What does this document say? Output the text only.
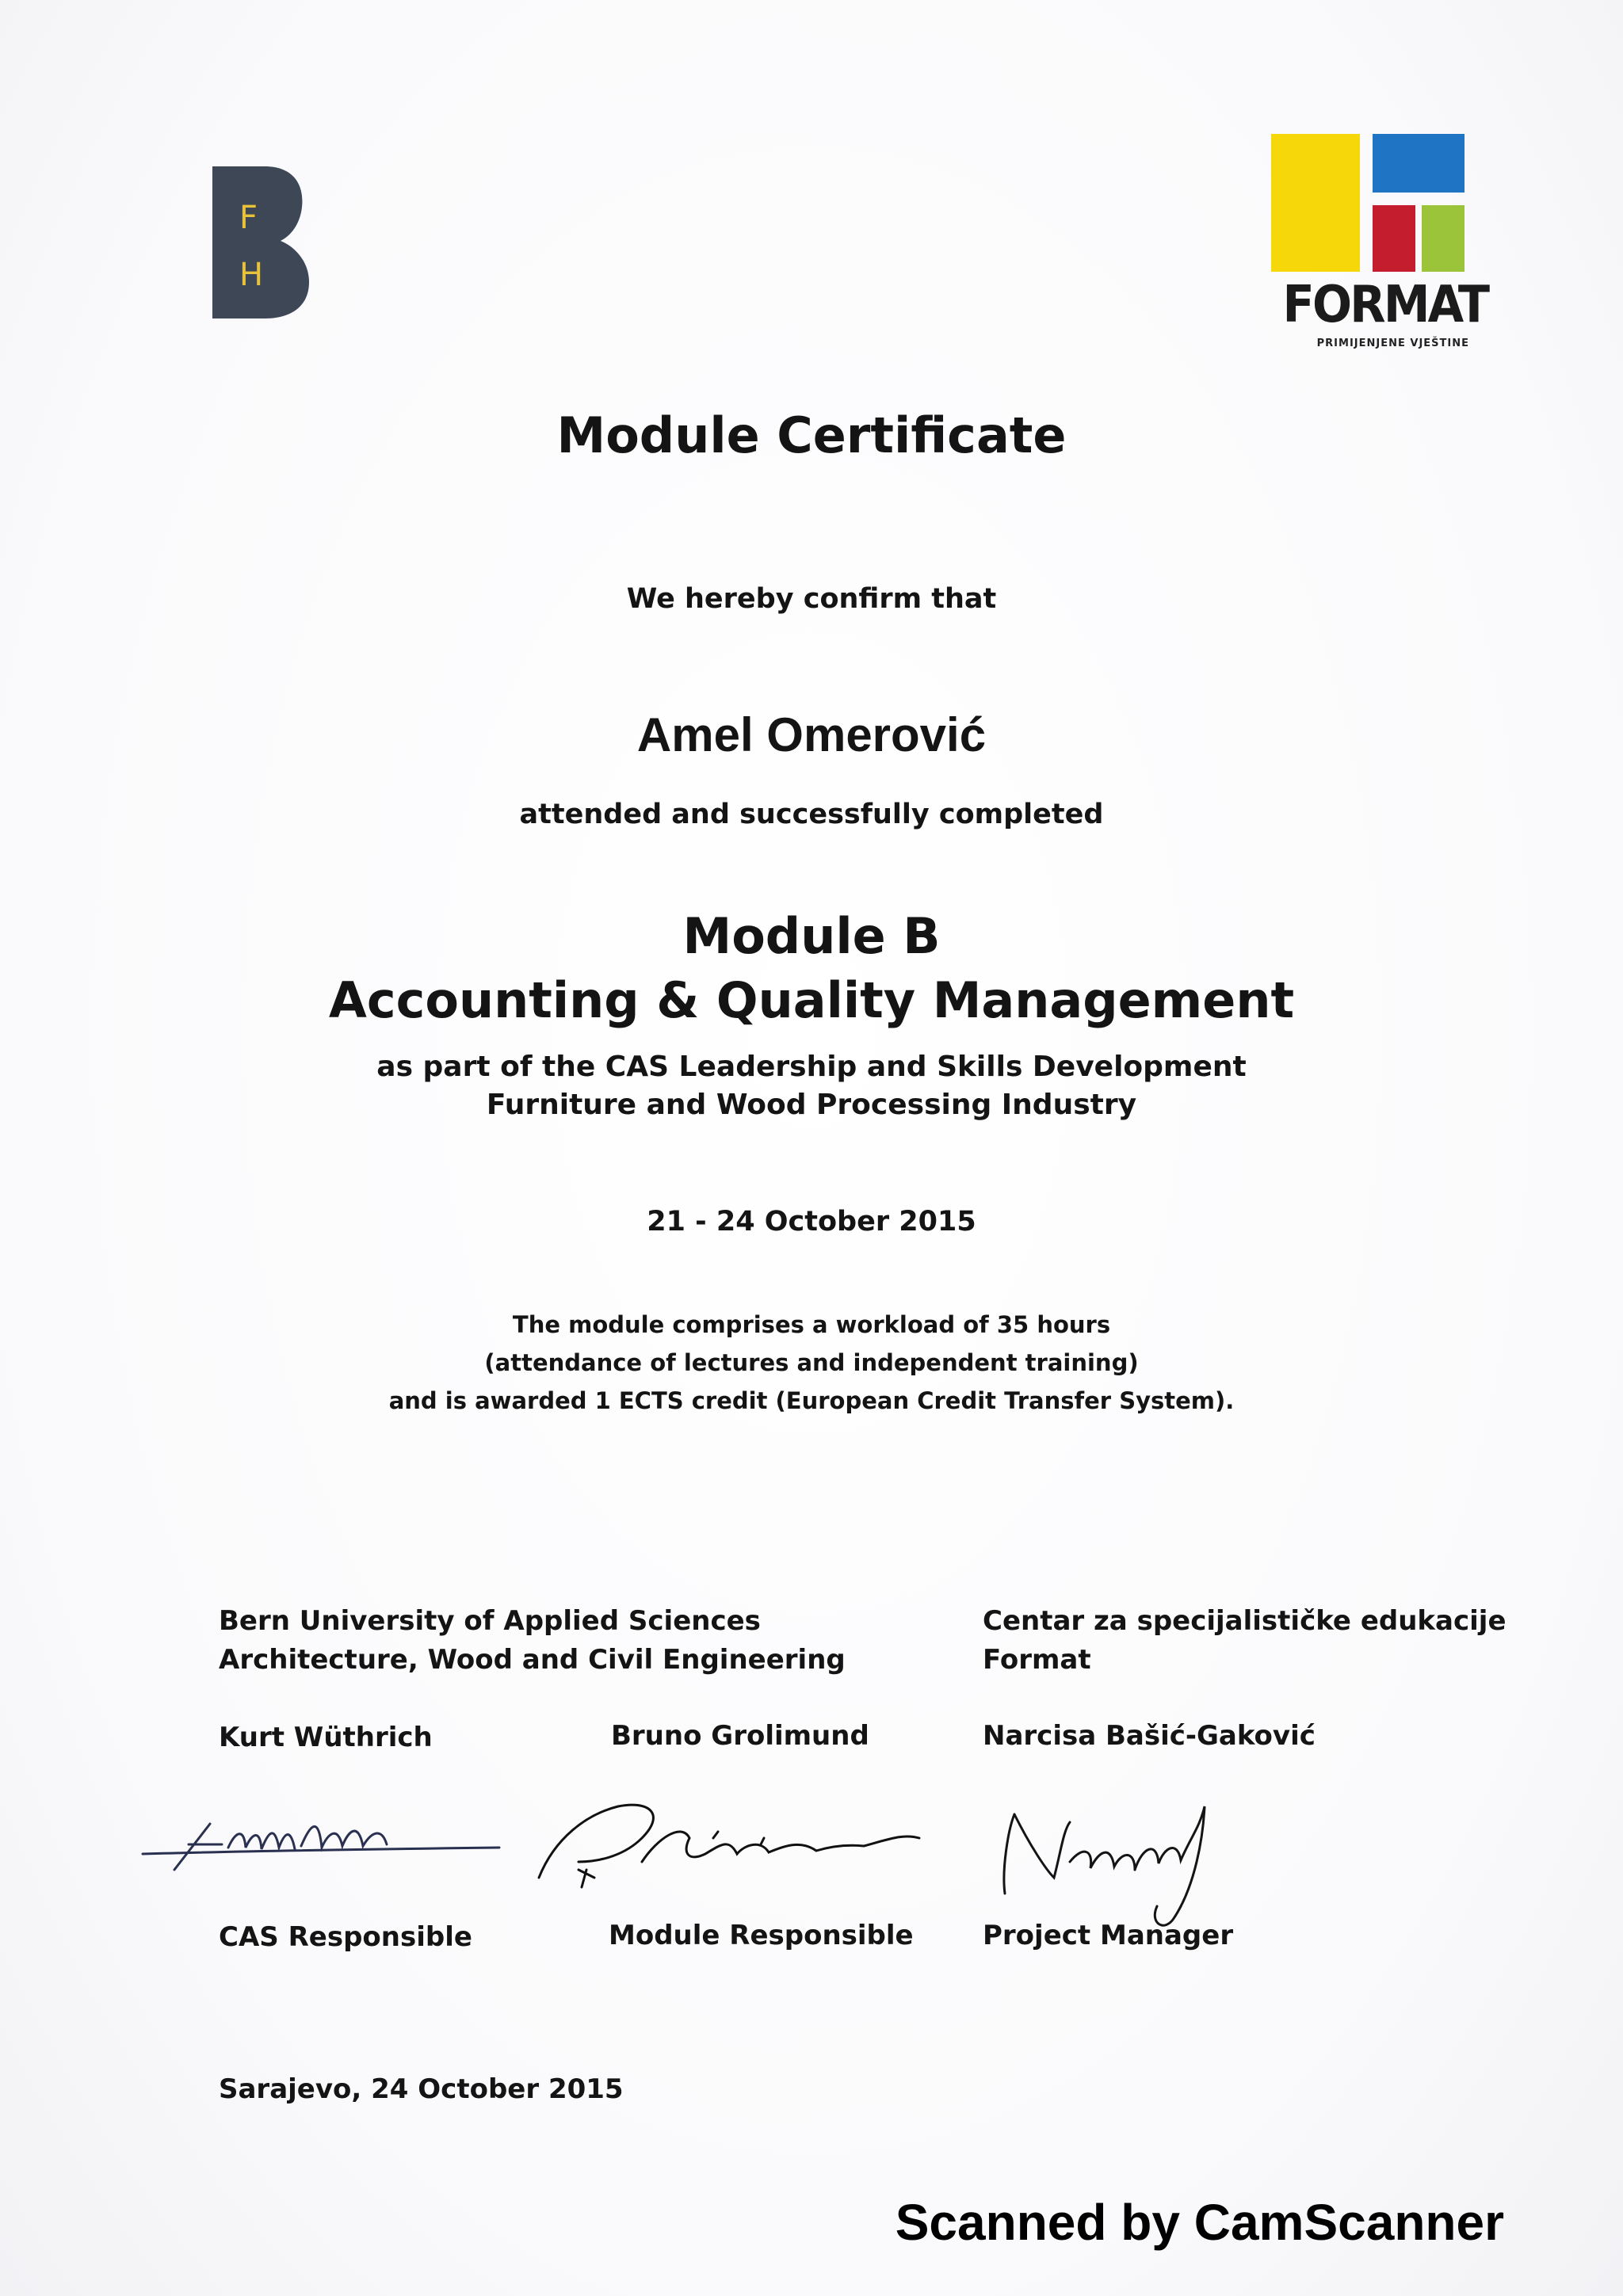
F
H
FORMAT
PRIMIJENJENE VJEŠTINE
Module Certificate
We hereby confirm that
Amel Omerović
attended and successfully completed
Module B
Accounting & Quality Management
as part of the CAS Leadership and Skills Development
Furniture and Wood Processing Industry
21 - 24 October 2015
The module comprises a workload of 35 hours
(attendance of lectures and independent training)
and is awarded 1 ECTS credit (European Credit Transfer System).
Bern University of Applied Sciences
Architecture, Wood and Civil Engineering
Centar za specijalističke edukacije
Format
Kurt Wüthrich	Bruno Grolimund	Narcisa Bašić-Gaković
CAS Responsible	Module Responsible	Project Manager
Sarajevo, 24 October 2015
Scanned by CamScanner
